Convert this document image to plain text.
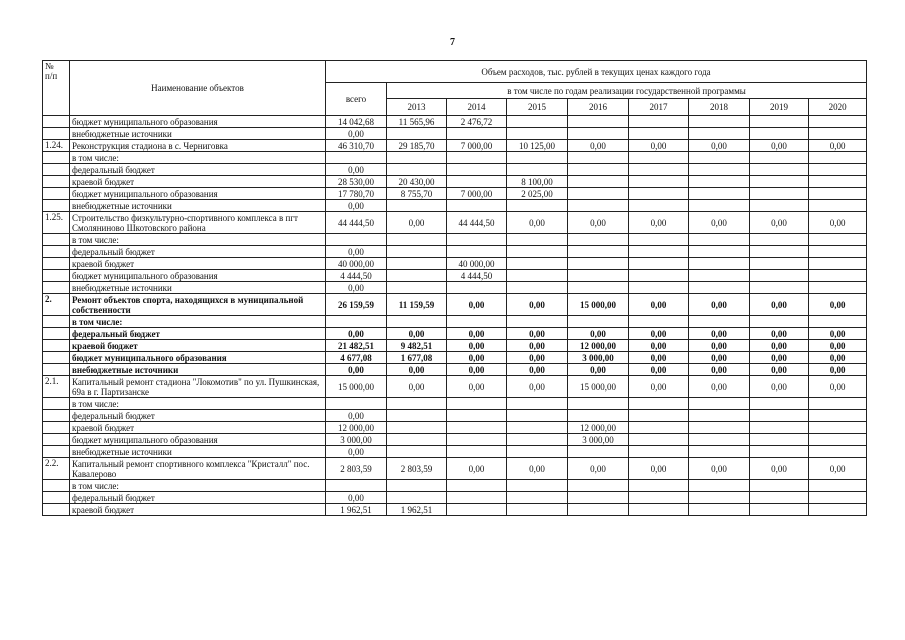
7
№
п/п	Наименование объектов	Объем расходов, тыс. рублей в текущих ценах каждого года								
		всего	в том числе по годам реализации государственной программы							
			2013	2014	2015	2016	2017	2018	2019	2020
	бюджет муниципального образования	14 042,68	11 565,96	2 476,72						
	внебюджетные источники	0,00								
1.24.	Реконструкция стадиона в с. Черниговка	46 310,70	29 185,70	7 000,00	10 125,00	0,00	0,00	0,00	0,00	0,00
	в том числе:									
	федеральный бюджет	0,00								
	краевой бюджет	28 530,00	20 430,00		8 100,00					
	бюджет муниципального образования	17 780,70	8 755,70	7 000,00	2 025,00					
	внебюджетные источники	0,00								
1.25.	Строительство физкультурно-спортивного комплекса в пгт Смоляниново Шкотовского района	44 444,50	0,00	44 444,50	0,00	0,00	0,00	0,00	0,00	0,00
	в том числе:									
	федеральный бюджет	0,00								
	краевой бюджет	40 000,00		40 000,00						
	бюджет муниципального образования	4 444,50		4 444,50						
	внебюджетные источники	0,00								
2.	Ремонт объектов спорта, находящихся в муниципальной собственности	26 159,59	11 159,59	0,00	0,00	15 000,00	0,00	0,00	0,00	0,00
	в том числе:									
	федеральный бюджет	0,00	0,00	0,00	0,00	0,00	0,00	0,00	0,00	0,00
	краевой бюджет	21 482,51	9 482,51	0,00	0,00	12 000,00	0,00	0,00	0,00	0,00
	бюджет муниципального образования	4 677,08	1 677,08	0,00	0,00	3 000,00	0,00	0,00	0,00	0,00
	внебюджетные источники	0,00	0,00	0,00	0,00	0,00	0,00	0,00	0,00	0,00
2.1.	Капитальный ремонт стадиона "Локомотив" по ул. Пушкинская, 69а в г. Партизанске	15 000,00	0,00	0,00	0,00	15 000,00	0,00	0,00	0,00	0,00
	в том числе:									
	федеральный бюджет	0,00								
	краевой бюджет	12 000,00				12 000,00				
	бюджет муниципального образования	3 000,00				3 000,00				
	внебюджетные источники	0,00								
2.2.	Капитальный ремонт спортивного комплекса "Кристалл" пос. Кавалерово	2 803,59	2 803,59	0,00	0,00	0,00	0,00	0,00	0,00	0,00
	в том числе:									
	федеральный бюджет	0,00								
	краевой бюджет	1 962,51	1 962,51							
